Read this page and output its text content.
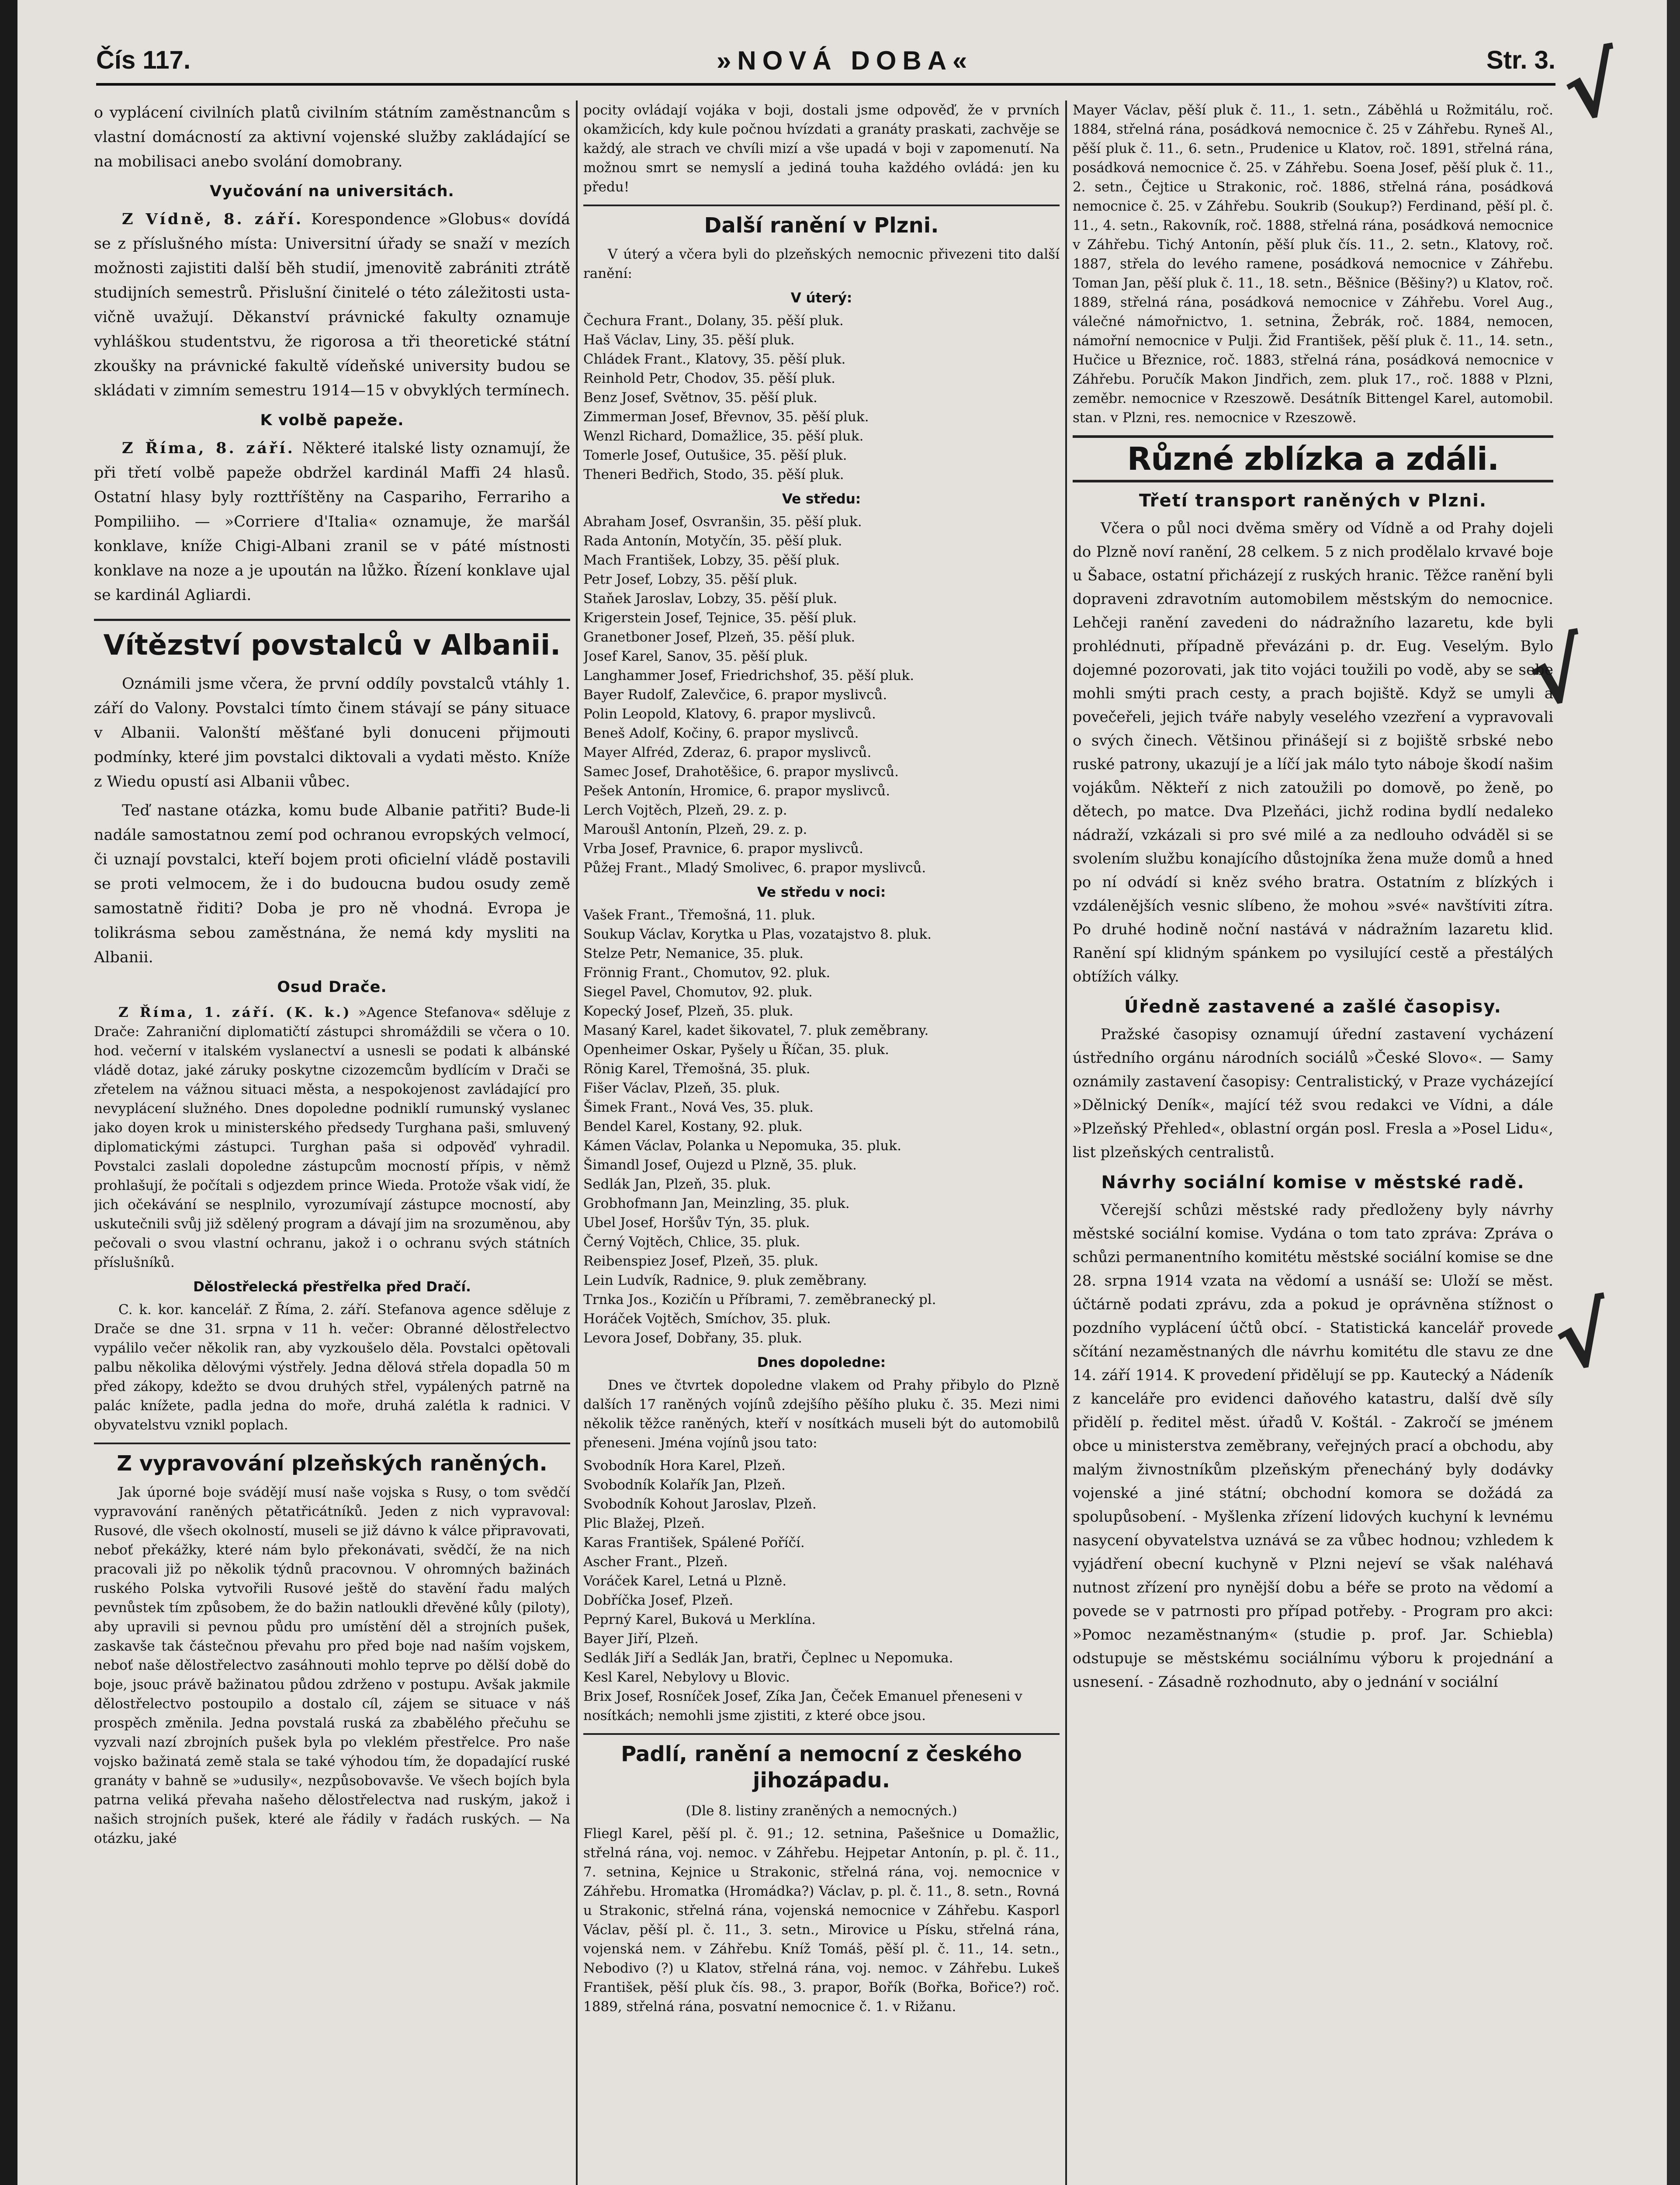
Čís 117.	»NOVÁ DOBA«	Str. 3. √
√
√

o vyplácení civilních platů civilním státním zaměstnancům s vlastní domácností za aktivní vojenské služby zakládající se na mobilisaci anebo svolání domobrany.

Vyučování na universitách.

Z Vídně, 8. září. Korespondence »Globus« dovídá se z příslušného místa: Universitní úřady se snaží v mezích možnosti zajistiti další běh studií, jmenovitě zabrániti ztrátě studijních semestrů. Přislušní činitelé o této záležitosti usta-vičně uvažují. Děkanství právnické fakulty oznamuje vyhláškou studentstvu, že rigorosa a tři theoretické státní zkoušky na právnické fakultě vídeňské university budou se skládati v zimním semestru 1914—15 v obvyklých termínech.

K volbě papeže.

Z Říma, 8. září. Některé italské listy oznamují, že při třetí volbě papeže obdržel kardinál Maffi 24 hlasů. Ostatní hlasy byly rozttříštěny na Caspariho, Ferrariho a Pompiliiho. — »Corriere d'Italia« oznamuje, že maršál konklave, kníže Chigi-Albani zranil se v páté místnosti konklave na noze a je upoután na lůžko. Řízení konklave ujal se kardinál Agliardi.

Vítězství povstalců v Albanii.

Oznámili jsme včera, že první oddíly povstalců vtáhly 1. září do Valony. Povstalci tímto činem stávají se pány situace v Albanii. Valonští měšťané byli donuceni přijmouti podmínky, které jim povstalci diktovali a vydati město. Kníže z Wiedu opustí asi Albanii vůbec.

Teď nastane otázka, komu bude Albanie patřiti? Bude-li nadále samostatnou zemí pod ochranou evropských velmocí, či uznají povstalci, kteří bojem proti oficielní vládě postavili se proti velmocem, že i do budoucna budou osudy země samostatně řiditi? Doba je pro ně vhodná. Evropa je tolikrásma sebou zaměstnána, že nemá kdy mysliti na Albanii.

Osud Drače.

Z Říma, 1. září. (K. k.) »Agence Stefanova« sděluje z Drače: Zahraniční diplomatičtí zástupci shromáždili se včera o 10. hod. večerní v italském vyslanectví a usnesli se podati k albánské vládě dotaz, jaké záruky poskytne cizozemcům bydlícím v Drači se zřetelem na vážnou situaci města, a nespokojenost zavládající pro nevyplácení služného. Dnes dopoledne podniklí rumunský vyslanec jako doyen krok u ministerského předsedy Turghana paši, smluvený diplomatickými zástupci. Turghan paša si odpověď vyhradil. Povstalci zaslali dopoledne zástupcům mocností přípis, v němž prohlašují, že počítali s odjezdem prince Wieda. Protože však vidí, že jich očekávání se nesplnilo, vyrozumívají zástupce mocností, aby uskutečnili svůj již sdělený program a dávají jim na srozuměnou, aby pečovali o svou vlastní ochranu, jakož i o ochranu svých státních příslušníků.

Dělostřelecká přestřelka před Dračí.

C. k. kor. kancelář. Z Říma, 2. září. Stefanova agence sděluje z Drače se dne 31. srpna v 11 h. večer: Obranné dělostřelectvo vypálilo večer několik ran, aby vyzkoušelo děla. Povstalci opětovali palbu několika dělovými výstřely. Jedna dělová střela dopadla 50 m před zákopy, kdežto se dvou druhých střel, vypálených patrně na palác knížete, padla jedna do moře, druhá zalétla k radnici. V obyvatelstvu vznikl poplach.

Z vypravování plzeňských raněných.

Jak úporné boje svádějí musí naše vojska s Rusy, o tom svědčí vypravování raněných pětatřicátníků. Jeden z nich vypravoval: Rusové, dle všech okolností, museli se již dávno k válce připravovati, neboť překážky, které nám bylo překonávati, svědčí, že na nich pracovali již po několik týdnů pracovnou. V ohromných bažinách ruského Polska vytvořili Rusové ještě do stavění řadu malých pevnůstek tím způsobem, že do bažin natloukli dřevěné kůly (piloty), aby upravili si pevnou půdu pro umístění děl a strojních pušek, zaskavše tak částečnou převahu pro před boje nad naším vojskem, neboť naše dělostřelectvo zasáhnouti mohlo teprve po dělší době do boje, jsouc právě bažinatou půdou zdrženo v postupu. Avšak jakmile dělostřelectvo postoupilo a dostalo cíl, zájem se situace v náš prospěch změnila. Jedna povstalá ruská za zbabělého přečuhu se vyzvali nazí zbrojních pušek byla po vleklém přestřelce. Pro naše vojsko bažinatá země stala se také výhodou tím, že dopadající ruské granáty v bahně se »udusily«, nezpůsobovavše. Ve všech bojích byla patrna veliká převaha našeho dělostřelectva nad ruským, jakož i našich strojních pušek, které ale řádily v řadách ruských. — Na otázku, jaké

pocity ovládají vojáka v boji, dostali jsme odpověď, že v prvních okamžicích, kdy kule počnou hvízdati a granáty praskati, zachvěje se každý, ale strach ve chvíli mizí a vše upadá v boji v zapomenutí. Na možnou smrt se nemyslí a jediná touha každého ovládá: jen ku předu!

Další ranění v Plzni.

V úterý a včera byli do plzeňských nemocnic přivezeni tito další ranění:

V úterý:

Čechura Frant., Dolany, 35. pěší pluk.

Haš Václav, Liny, 35. pěší pluk.

Chládek Frant., Klatovy, 35. pěší pluk.

Reinhold Petr, Chodov, 35. pěší pluk.

Benz Josef, Světnov, 35. pěší pluk.

Zimmerman Josef, Břevnov, 35. pěší pluk.

Wenzl Richard, Domažlice, 35. pěší pluk.

Tomerle Josef, Outušice, 35. pěší pluk.

Theneri Bedřich, Stodo, 35. pěší pluk.

Ve středu:

Abraham Josef, Osvranšin, 35. pěší pluk.

Rada Antonín, Motyčín, 35. pěší pluk.

Mach František, Lobzy, 35. pěší pluk.

Petr Josef, Lobzy, 35. pěší pluk.

Staňek Jaroslav, Lobzy, 35. pěší pluk.

Krigerstein Josef, Tejnice, 35. pěší pluk.

Granetboner Josef, Plzeň, 35. pěší pluk.

Josef Karel, Sanov, 35. pěší pluk.

Langhammer Josef, Friedrichshof, 35. pěší pluk.

Bayer Rudolf, Zalevčice, 6. prapor myslivců.

Polin Leopold, Klatovy, 6. prapor myslivců.

Beneš Adolf, Kočiny, 6. prapor myslivců.

Mayer Alfréd, Zderaz, 6. prapor myslivců.

Samec Josef, Drahotěšice, 6. prapor myslivců.

Pešek Antonín, Hromice, 6. prapor myslivců.

Lerch Vojtěch, Plzeň, 29. z. p.

Maroušl Antonín, Plzeň, 29. z. p.

Vrba Josef, Pravnice, 6. prapor myslivců.

Půžej Frant., Mladý Smolivec, 6. prapor myslivců.

Ve středu v noci:

Vašek Frant., Třemošná, 11. pluk.

Soukup Václav, Korytka u Plas, vozatajstvo 8. pluk.

Stelze Petr, Nemanice, 35. pluk.

Frönnig Frant., Chomutov, 92. pluk.

Siegel Pavel, Chomutov, 92. pluk.

Kopecký Josef, Plzeň, 35. pluk.

Masaný Karel, kadet šikovatel, 7. pluk zeměbrany.

Openheimer Oskar, Pyšely u Říčan, 35. pluk.

Rönig Karel, Třemošná, 35. pluk.

Fišer Václav, Plzeň, 35. pluk.

Šimek Frant., Nová Ves, 35. pluk.

Bendel Karel, Kostany, 92. pluk.

Kámen Václav, Polanka u Nepomuka, 35. pluk.

Šimandl Josef, Oujezd u Plzně, 35. pluk.

Sedlák Jan, Plzeň, 35. pluk.

Grobhofmann Jan, Meinzling, 35. pluk.

Ubel Josef, Horšův Týn, 35. pluk.

Černý Vojtěch, Chlice, 35. pluk.

Reibenspiez Josef, Plzeň, 35. pluk.

Lein Ludvík, Radnice, 9. pluk zeměbrany.

Trnka Jos., Kozičín u Příbrami, 7. zeměbranecký pl.

Horáček Vojtěch, Smíchov, 35. pluk.

Levora Josef, Dobřany, 35. pluk.

Dnes dopoledne:

Dnes ve čtvrtek dopoledne vlakem od Prahy přibylo do Plzně dalších 17 raněných vojínů zdejšího pěšího pluku č. 35. Mezi nimi několik těžce raněných, kteří v nosítkách museli být do automobilů přeneseni. Jména vojínů jsou tato:

Svobodník Hora Karel, Plzeň.

Svobodník Kolařík Jan, Plzeň.

Svobodník Kohout Jaroslav, Plzeň.

Plic Blažej, Plzeň.

Karas František, Spálené Poříčí.

Ascher Frant., Plzeň.

Voráček Karel, Letná u Plzně.

Dobříčka Josef, Plzeň.

Peprný Karel, Buková u Merklína.

Bayer Jiří, Plzeň.

Sedlák Jiří a Sedlák Jan, bratři, Čeplnec u Nepomuka.

Kesl Karel, Nebylovy u Blovic.

Brix Josef, Rosníček Josef, Zíka Jan, Čeček Emanuel přeneseni v nosítkách; nemohli jsme zjistiti, z které obce jsou.

Padlí, ranění a nemocní z českého jihozápadu.
(Dle 8. listiny zraněných a nemocných.)

Fliegl Karel, pěší pl. č. 91.; 12. setnina, Pašešnice u Domažlic, střelná rána, voj. nemoc. v Záhřebu. Hejpetar Antonín, p. pl. č. 11., 7. setnina, Kejnice u Strakonic, střelná rána, voj. nemocnice v Záhřebu. Hromatka (Hromádka?) Václav, p. pl. č. 11., 8. setn., Rovná u Strakonic, střelná rána, vojenská nemocnice v Záhřebu. Kasporl Václav, pěší pl. č. 11., 3. setn., Mirovice u Písku, střelná rána, vojenská nem. v Záhřebu. Kníž Tomáš, pěší pl. č. 11., 14. setn., Nebodivo (?) u Klatov, střelná rána, voj. nemoc. v Záhřebu. Lukeš František, pěší pluk čís. 98., 3. prapor, Bořík (Bořka, Bořice?) roč. 1889, střelná rána, posvatní nemocnice č. 1. v Rižanu.

Mayer Václav, pěší pluk č. 11., 1. setn., Záběhlá u Rožmitálu, roč. 1884, střelná rána, posádková nemocnice č. 25 v Záhřebu. Ryneš Al., pěší pluk č. 11., 6. setn., Prudenice u Klatov, roč. 1891, střelná rána, posádková nemocnice č. 25. v Záhřebu. Soena Josef, pěší pluk č. 11., 2. setn., Čejtice u Strakonic, roč. 1886, střelná rána, posádková nemocnice č. 25. v Záhřebu. Soukrib (Soukup?) Ferdinand, pěší pl. č. 11., 4. setn., Rakovník, roč. 1888, střelná rána, posádková nemocnice v Záhřebu. Tichý Antonín, pěší pluk čís. 11., 2. setn., Klatovy, roč. 1887, střela do levého ramene, posádková nemocnice v Záhřebu. Toman Jan, pěší pluk č. 11., 18. setn., Běšnice (Běšiny?) u Klatov, roč. 1889, střelná rána, posádková nemocnice v Záhřebu. Vorel Aug., válečné námořnictvo, 1. setnina, Žebrák, roč. 1884, nemocen, námořní nemocnice v Pulji. Žid František, pěší pluk č. 11., 14. setn., Hučice u Březnice, roč. 1883, střelná rána, posádková nemocnice v Záhřebu. Poručík Makon Jindřich, zem. pluk 17., roč. 1888 v Plzni, zeměbr. nemocnice v Rzeszowě. Desátník Bittengel Karel, automobil. stan. v Plzni, res. nemocnice v Rzeszowě.

Různé zblízka a zdáli.
Třetí transport raněných v Plzni.

Včera o půl noci dvěma směry od Vídně a od Prahy dojeli do Plzně noví ranění, 28 celkem. 5 z nich prodělalo krvavé boje u Šabace, ostatní přicházejí z ruských hranic. Těžce ranění byli dopraveni zdravotním automobilem městským do nemocnice. Lehčeji ranění zavedeni do nádražního lazaretu, kde byli prohlédnuti, případně převázáni p. dr. Eug. Veselým. Bylo dojemné pozorovati, jak tito vojáci toužili po vodě, aby se sebe mohli smýti prach cesty, a prach bojiště. Když se umyli a povečeřeli, jejich tváře nabyly veselého vzezření a vypravovali o svých činech. Většinou přinášejí si z bojiště srbské nebo ruské patrony, ukazují je a líčí jak málo tyto náboje škodí našim vojákům. Někteří z nich zatoužili po domově, po ženě, po dětech, po matce. Dva Plzeňáci, jichž rodina bydlí nedaleko nádraží, vzkázali si pro své milé a za nedlouho odváděl si se svolením službu konajícího důstojníka žena muže domů a hned po ní odvádí si kněz svého bratra. Ostatním z blízkých i vzdálenějších vesnic slíbeno, že mohou »své« navštíviti zítra. Po druhé hodině noční nastává v nádražním lazaretu klid. Ranění spí klidným spánkem po vysilující cestě a přestálých obtížích války.

Úředně zastavené a zašlé časopisy.

Pražské časopisy oznamují úřední zastavení vycházení ústředního orgánu národních sociálů »České Slovo«. — Samy oznámily zastavení časopisy: Centralistický, v Praze vycházející »Dělnický Deník«, mající též svou redakci ve Vídni, a dále »Plzeňský Přehled«, oblastní orgán posl. Fresla a »Posel Lidu«, list plzeňských centralistů.

Návrhy sociální komise v městské radě.

Včerejší schůzi městské rady předloženy byly návrhy městské sociální komise. Vydána o tom tato zpráva: Zpráva o schůzi permanentního komitétu městské sociální komise se dne 28. srpna 1914 vzata na vědomí a usnáší se: Uloží se měst. účtárně podati zprávu, zda a pokud je oprávněna stížnost o pozdního vyplácení účtů obcí. - Statistická kancelář provede sčítání nezaměstnaných dle návrhu komitétu dle stavu ze dne 14. září 1914. K provedení přidělují se pp. Kautecký a Nádeník z kanceláře pro evidenci daňového katastru, další dvě síly přidělí p. ředitel měst. úřadů V. Koštál. - Zakročí se jménem obce u ministerstva zeměbrany, veřejných prací a obchodu, aby malým živnostníkům plzeňským přenecháný byly dodávky vojenské a jiné státní; obchodní komora se dožádá za spolupůsobení. - Myšlenka zřízení lidových kuchyní k levnému nasycení obyvatelstva uznává se za vůbec hodnou; vzhledem k vyjádření obecní kuchyně v Plzni nejeví se však naléhavá nutnost zřízení pro nynější dobu a béře se proto na vědomí a povede se v patrnosti pro případ potřeby. - Program pro akci: »Pomoc nezaměstnaným« (studie p. prof. Jar. Schiebla) odstupuje se městskému sociálnímu výboru k projednání a usnesení. - Zásadně rozhodnuto, aby o jednání v sociální
